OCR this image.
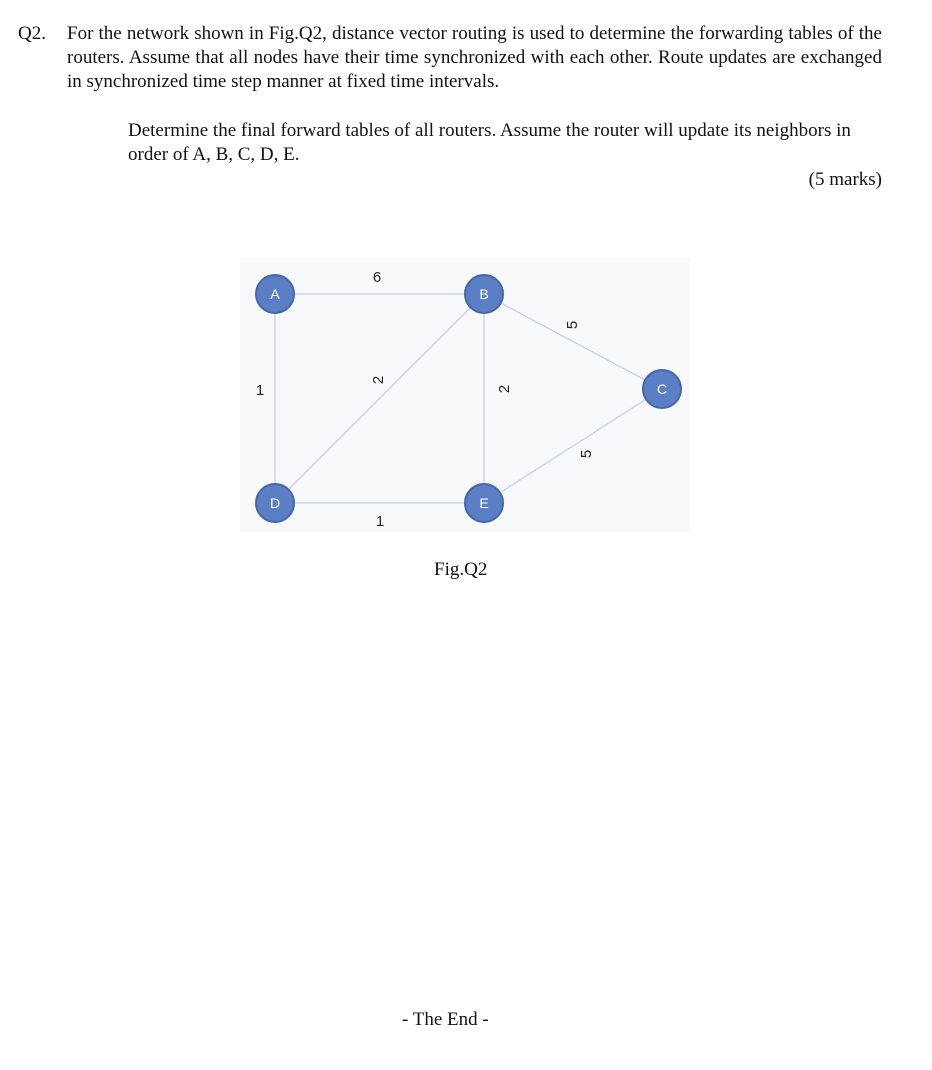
Q2. For the network shown in Fig.Q2, distance vector routing is used to determine the forwarding tables of the routers. Assume that all nodes have their time synchronized with each other. Route updates are exchanged in synchronized time step manner at fixed time intervals.
Determine the final forward tables of all routers. Assume the router will update its neighbors in order of A, B, C, D, E.
(5 marks)
6
1
2
2
5
5
1
A	B
C
D	E
Fig.Q2
- The End -
